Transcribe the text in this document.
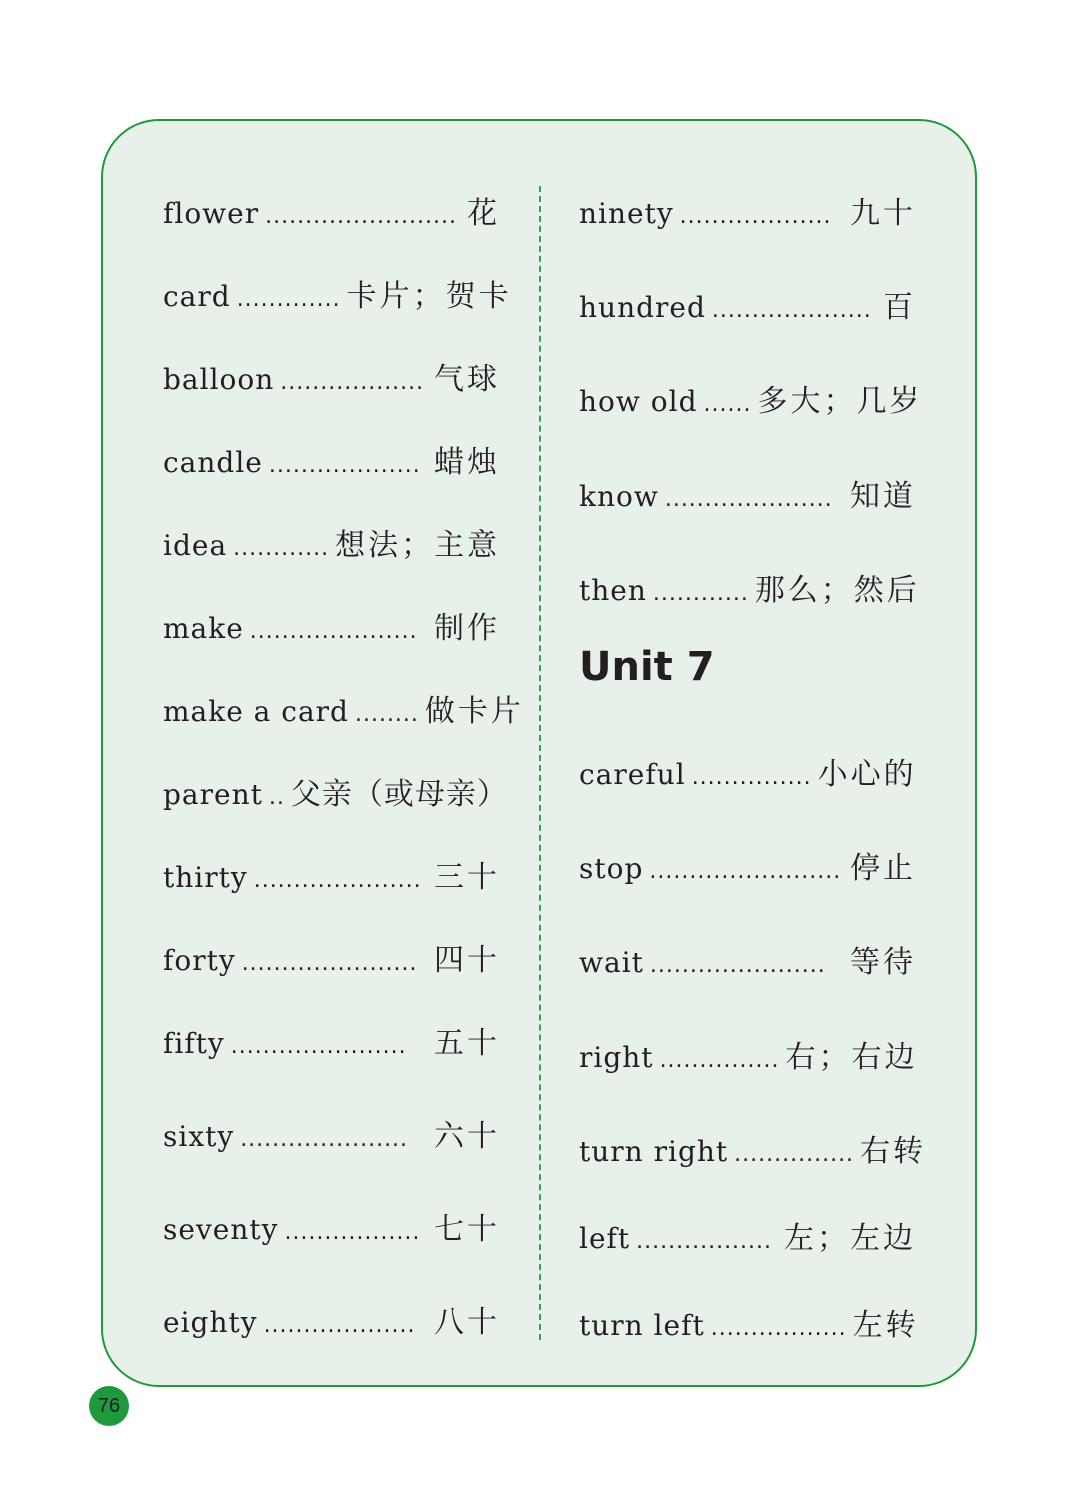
flower ........................ 花
card ............. 卡片；贺卡
balloon .................. 气球
candle ................... 蜡烛
idea ............ 想法；主意
make ..................... 制作
make a card ........ 做卡片
parent .. 父亲（或母亲）
thirty ..................... 三十
forty ...................... 四十
fifty ...................... 五十
sixty ..................... 六十
seventy ................. 七十
eighty ................... 八十
ninety ................... 九十
hundred .................... 百
how old ...... 多大；几岁
know ..................... 知道
then ............ 那么；然后
Unit 7
careful ............... 小心的
stop ........................ 停止
wait ...................... 等待
right ............... 右；右边
turn right ............... 右转
left ................. 左；左边
turn left ................. 左转
76
